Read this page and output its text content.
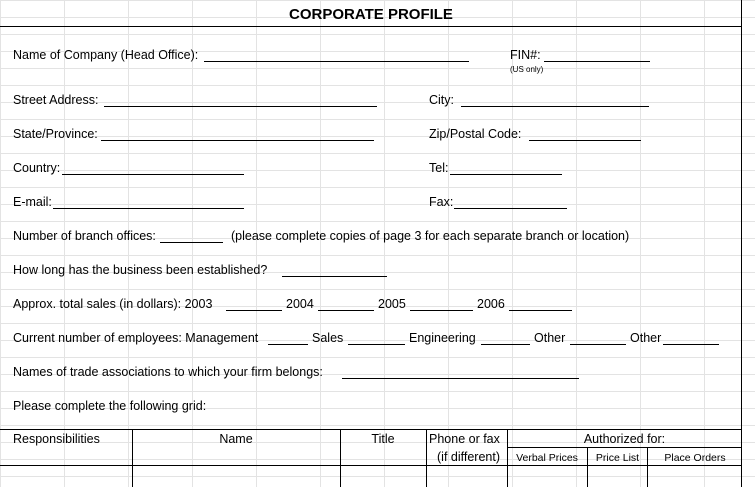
CORPORATE PROFILE
Name of Company (Head Office):	FIN#:
(US only)
Street Address:	City:
State/Province:	Zip/Postal Code:
Country:	Tel:
E-mail:	Fax:
Number of branch offices:	(please complete copies of page 3 for each separate branch or location)
How long has the business been established?
Approx. total sales (in dollars): 2003	2004	2005	2006
Current number of employees: Management	Sales	Engineering	Other	Other
Names of trade associations to which your firm belongs:
Please complete the following grid:
Responsibilities	Name	Title	Phone or fax
(if different)
Authorized for:
Verbal Prices	Price List	Place Orders
